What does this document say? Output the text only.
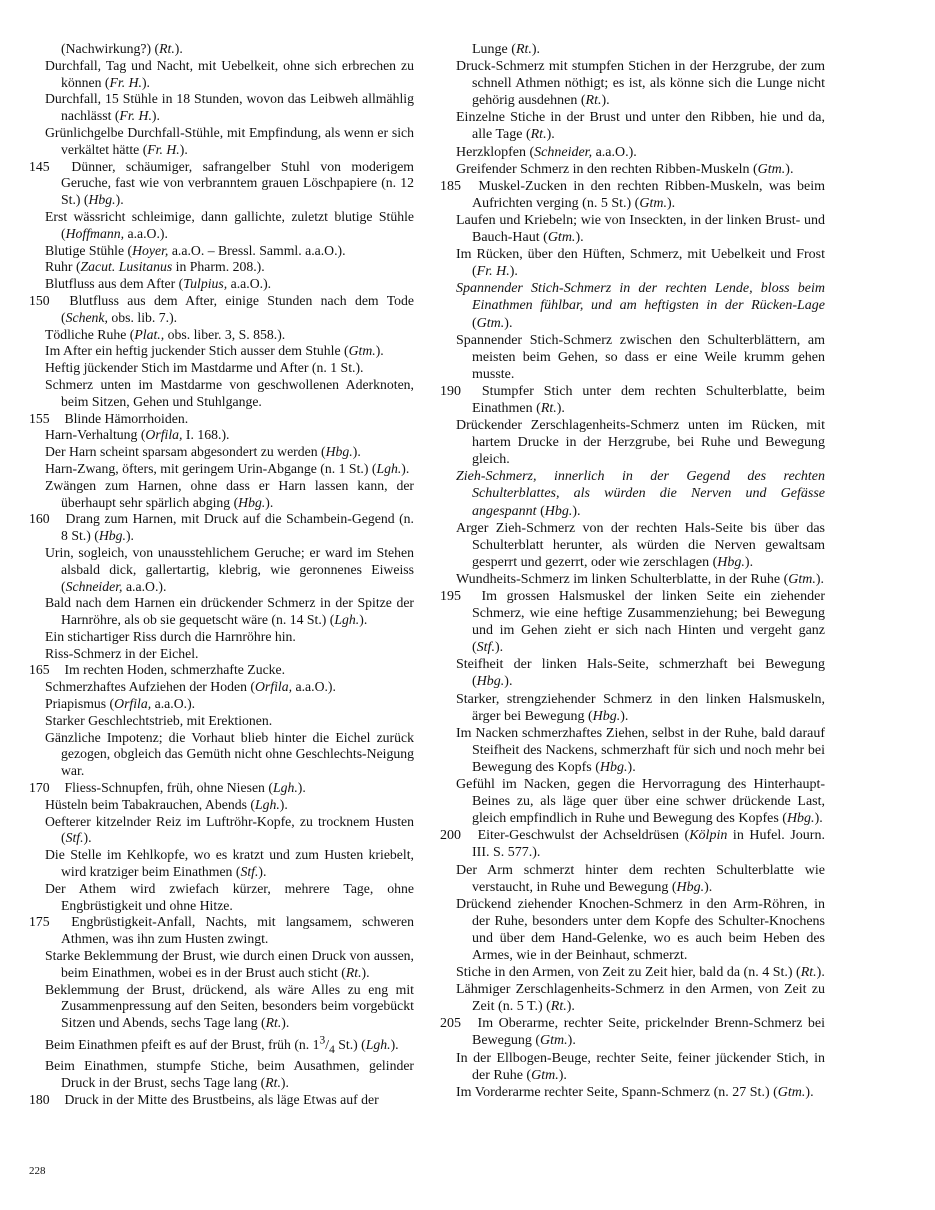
(Nachwirkung?) (Rt.).

Durchfall, Tag und Nacht, mit Uebelkeit, ohne sich erbrechen zu können (Fr. H.).

Durchfall, 15 Stühle in 18 Stunden, wovon das Leibweh allmählig nachlässt (Fr. H.).

Grünlichgelbe Durchfall-Stühle, mit Empfindung, als wenn er sich verkältet hätte (Fr. H.).

145 Dünner, schäumiger, safrangelber Stuhl von moderigem Geruche, fast wie von verbranntem grauen Löschpapiere (n. 12 St.) (Hbg.).

Erst wässricht schleimige, dann gallichte, zuletzt blutige Stühle (Hoffmann, a.a.O.).

Blutige Stühle (Hoyer, a.a.O. – Bressl. Samml. a.a.O.).

Ruhr (Zacut. Lusitanus in Pharm. 208.).

Blutfluss aus dem After (Tulpius, a.a.O.).

150 Blutfluss aus dem After, einige Stunden nach dem Tode (Schenk, obs. lib. 7.).

Tödliche Ruhe (Plat., obs. liber. 3, S. 858.).

Im After ein heftig juckender Stich ausser dem Stuhle (Gtm.).

Heftig jückender Stich im Mastdarme und After (n. 1 St.).

Schmerz unten im Mastdarme von geschwollenen Aderknoten, beim Sitzen, Gehen und Stuhlgange.

155 Blinde Hämorrhoiden.

Harn-Verhaltung (Orfila, I. 168.).

Der Harn scheint sparsam abgesondert zu werden (Hbg.).

Harn-Zwang, öfters, mit geringem Urin-Abgange (n. 1 St.) (Lgh.).

Zwängen zum Harnen, ohne dass er Harn lassen kann, der überhaupt sehr spärlich abging (Hbg.).

160 Drang zum Harnen, mit Druck auf die Schambein-Gegend (n. 8 St.) (Hbg.).

Urin, sogleich, von unausstehlichem Geruche; er ward im Stehen alsbald dick, gallertartig, klebrig, wie geronnenes Eiweiss (Schneider, a.a.O.).

Bald nach dem Harnen ein drückender Schmerz in der Spitze der Harnröhre, als ob sie gequetscht wäre (n. 14 St.) (Lgh.).

Ein stichartiger Riss durch die Harnröhre hin.

Riss-Schmerz in der Eichel.

165 Im rechten Hoden, schmerzhafte Zucke.

Schmerzhaftes Aufziehen der Hoden (Orfila, a.a.O.).

Priapismus (Orfila, a.a.O.).

Starker Geschlechtstrieb, mit Erektionen.

Gänzliche Impotenz; die Vorhaut blieb hinter die Eichel zurück gezogen, obgleich das Gemüth nicht ohne Geschlechts-Neigung war.

170 Fliess-Schnupfen, früh, ohne Niesen (Lgh.).

Hüsteln beim Tabakrauchen, Abends (Lgh.).

Oefterer kitzelnder Reiz im Luftröhr-Kopfe, zu trocknem Husten (Stf.).

Die Stelle im Kehlkopfe, wo es kratzt und zum Husten kriebelt, wird kratziger beim Einathmen (Stf.).

Der Athem wird zwiefach kürzer, mehrere Tage, ohne Engbrüstigkeit und ohne Hitze.

175 Engbrüstigkeit-Anfall, Nachts, mit langsamem, schweren Athmen, was ihn zum Husten zwingt.

Starke Beklemmung der Brust, wie durch einen Druck von aussen, beim Einathmen, wobei es in der Brust auch sticht (Rt.).

Beklemmung der Brust, drückend, als wäre Alles zu eng mit Zusammenpressung auf den Seiten, besonders beim vorgebückt Sitzen und Abends, sechs Tage lang (Rt.).

Beim Einathmen pfeift es auf der Brust, früh (n. $1^3/_4$ St.) (Lgh.).

Beim Einathmen, stumpfe Stiche, beim Ausathmen, gelinder Druck in der Brust, sechs Tage lang (Rt.).

180 Druck in der Mitte des Brustbeins, als läge Etwas auf der

Lunge (Rt.).

Druck-Schmerz mit stumpfen Stichen in der Herzgrube, der zum schnell Athmen nöthigt; es ist, als könne sich die Lunge nicht gehörig ausdehnen (Rt.).

Einzelne Stiche in der Brust und unter den Ribben, hie und da, alle Tage (Rt.).

Herzklopfen (Schneider, a.a.O.).

Greifender Schmerz in den rechten Ribben-Muskeln (Gtm.).

185 Muskel-Zucken in den rechten Ribben-Muskeln, was beim Aufrichten verging (n. 5 St.) (Gtm.).

Laufen und Kriebeln; wie von Inseckten, in der linken Brust- und Bauch-Haut (Gtm.).

Im Rücken, über den Hüften, Schmerz, mit Uebelkeit und Frost (Fr. H.).

Spannender Stich-Schmerz in der rechten Lende, bloss beim Einathmen fühlbar, und am heftigsten in der Rücken-Lage (Gtm.).

Spannender Stich-Schmerz zwischen den Schulterblättern, am meisten beim Gehen, so dass er eine Weile krumm gehen musste.

190 Stumpfer Stich unter dem rechten Schulterblatte, beim Einathmen (Rt.).

Drückender Zerschlagenheits-Schmerz unten im Rücken, mit hartem Drucke in der Herzgrube, bei Ruhe und Bewegung gleich.

Zieh-Schmerz, innerlich in der Gegend des rechten Schulterblattes, als würden die Nerven und Gefässe angespannt (Hbg.).

Arger Zieh-Schmerz von der rechten Hals-Seite bis über das Schulterblatt herunter, als würden die Nerven gewaltsam gesperrt und gezerrt, oder wie zerschlagen (Hbg.).

Wundheits-Schmerz im linken Schulterblatte, in der Ruhe (Gtm.).

195 Im grossen Halsmuskel der linken Seite ein ziehender Schmerz, wie eine heftige Zusammenziehung; bei Bewegung und im Gehen zieht er sich nach Hinten und vergeht ganz (Stf.).

Steifheit der linken Hals-Seite, schmerzhaft bei Bewegung (Hbg.).

Starker, strengziehender Schmerz in den linken Halsmuskeln, ärger bei Bewegung (Hbg.).

Im Nacken schmerzhaftes Ziehen, selbst in der Ruhe, bald darauf Steifheit des Nackens, schmerzhaft für sich und noch mehr bei Bewegung des Kopfs (Hbg.).

Gefühl im Nacken, gegen die Hervorragung des Hinterhaupt-Beines zu, als läge quer über eine schwer drückende Last, gleich empfindlich in Ruhe und Bewegung des Kopfes (Hbg.).

200 Eiter-Geschwulst der Achseldrüsen (Kölpin in Hufel. Journ. III. S. 577.).

Der Arm schmerzt hinter dem rechten Schulterblatte wie verstaucht, in Ruhe und Bewegung (Hbg.).

Drückend ziehender Knochen-Schmerz in den Arm-Röhren, in der Ruhe, besonders unter dem Kopfe des Schulter-Knochens und über dem Hand-Gelenke, wo es auch beim Heben des Armes, wie in der Beinhaut, schmerzt.

Stiche in den Armen, von Zeit zu Zeit hier, bald da (n. 4 St.) (Rt.).

Lähmiger Zerschlagenheits-Schmerz in den Armen, von Zeit zu Zeit (n. 5 T.) (Rt.).

205 Im Oberarme, rechter Seite, prickelnder Brenn-Schmerz bei Bewegung (Gtm.).

In der Ellbogen-Beuge, rechter Seite, feiner jückender Stich, in der Ruhe (Gtm.).

Im Vorderarme rechter Seite, Spann-Schmerz (n. 27 St.) (Gtm.).

228
